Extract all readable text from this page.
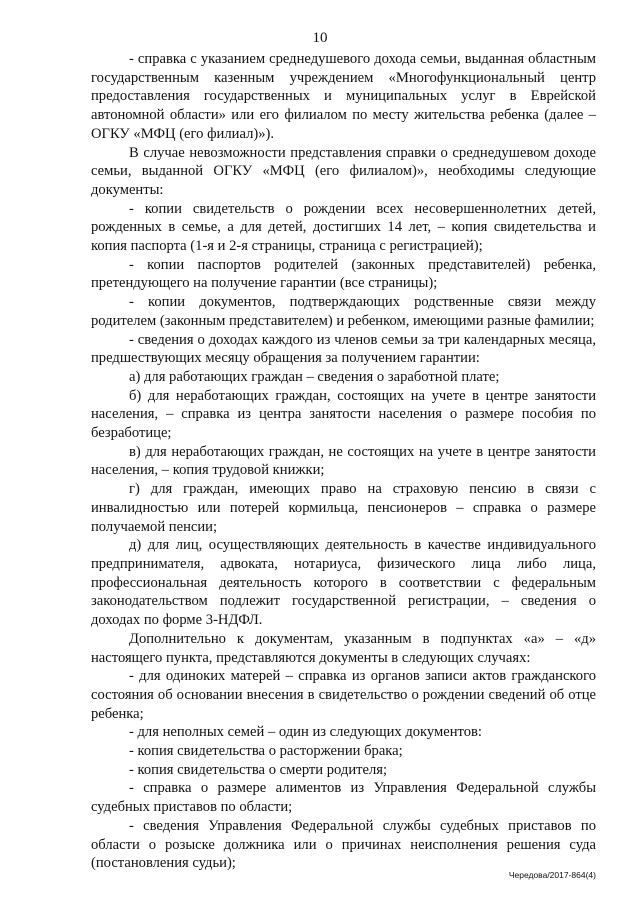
10

- справка с указанием среднедушевого дохода семьи, выданная областным государственным казенным учреждением «Многофункциональный центр предоставления государственных и муниципальных услуг в Еврейской автономной области» или его филиалом по месту жительства ребенка (далее – ОГКУ «МФЦ (его филиал)»).

В случае невозможности представления справки о среднедушевом доходе семьи, выданной ОГКУ «МФЦ (его филиалом)», необходимы следующие документы:

- копии свидетельств о рождении всех несовершеннолетних детей, рожденных в семье, а для детей, достигших 14 лет, – копия свидетельства и копия паспорта (1-я и 2-я страницы, страница с регистрацией);

- копии паспортов родителей (законных представителей) ребенка, претендующего на получение гарантии (все страницы);

- копии документов, подтверждающих родственные связи между родителем (законным представителем) и ребенком, имеющими разные фамилии;

- сведения о доходах каждого из членов семьи за три календарных месяца, предшествующих месяцу обращения за получением гарантии:

а) для работающих граждан – сведения о заработной плате;

б) для неработающих граждан, состоящих на учете в центре занятости населения, – справка из центра занятости населения о размере пособия по безработице;

в) для неработающих граждан, не состоящих на учете в центре занятости населения, – копия трудовой книжки;

г) для граждан, имеющих право на страховую пенсию в связи с инвалидностью или потерей кормильца, пенсионеров – справка о размере получаемой пенсии;

д) для лиц, осуществляющих деятельность в качестве индивидуального предпринимателя, адвоката, нотариуса, физического лица либо лица, профессиональная деятельность которого в соответствии с федеральным законодательством подлежит государственной регистрации, – сведения о доходах по форме 3-НДФЛ.

Дополнительно к документам, указанным в подпунктах «а» – «д» настоящего пункта, представляются документы в следующих случаях:

- для одиноких матерей – справка из органов записи актов гражданского состояния об основании внесения в свидетельство о рождении сведений об отце ребенка;

- для неполных семей – один из следующих документов:

- копия свидетельства о расторжении брака;

- копия свидетельства о смерти родителя;

- справка о размере алиментов из Управления Федеральной службы судебных приставов по области;

- сведения Управления Федеральной службы судебных приставов по области о розыске должника или о причинах неисполнения решения суда (постановления судьи);

Чередова/2017-864(4)
